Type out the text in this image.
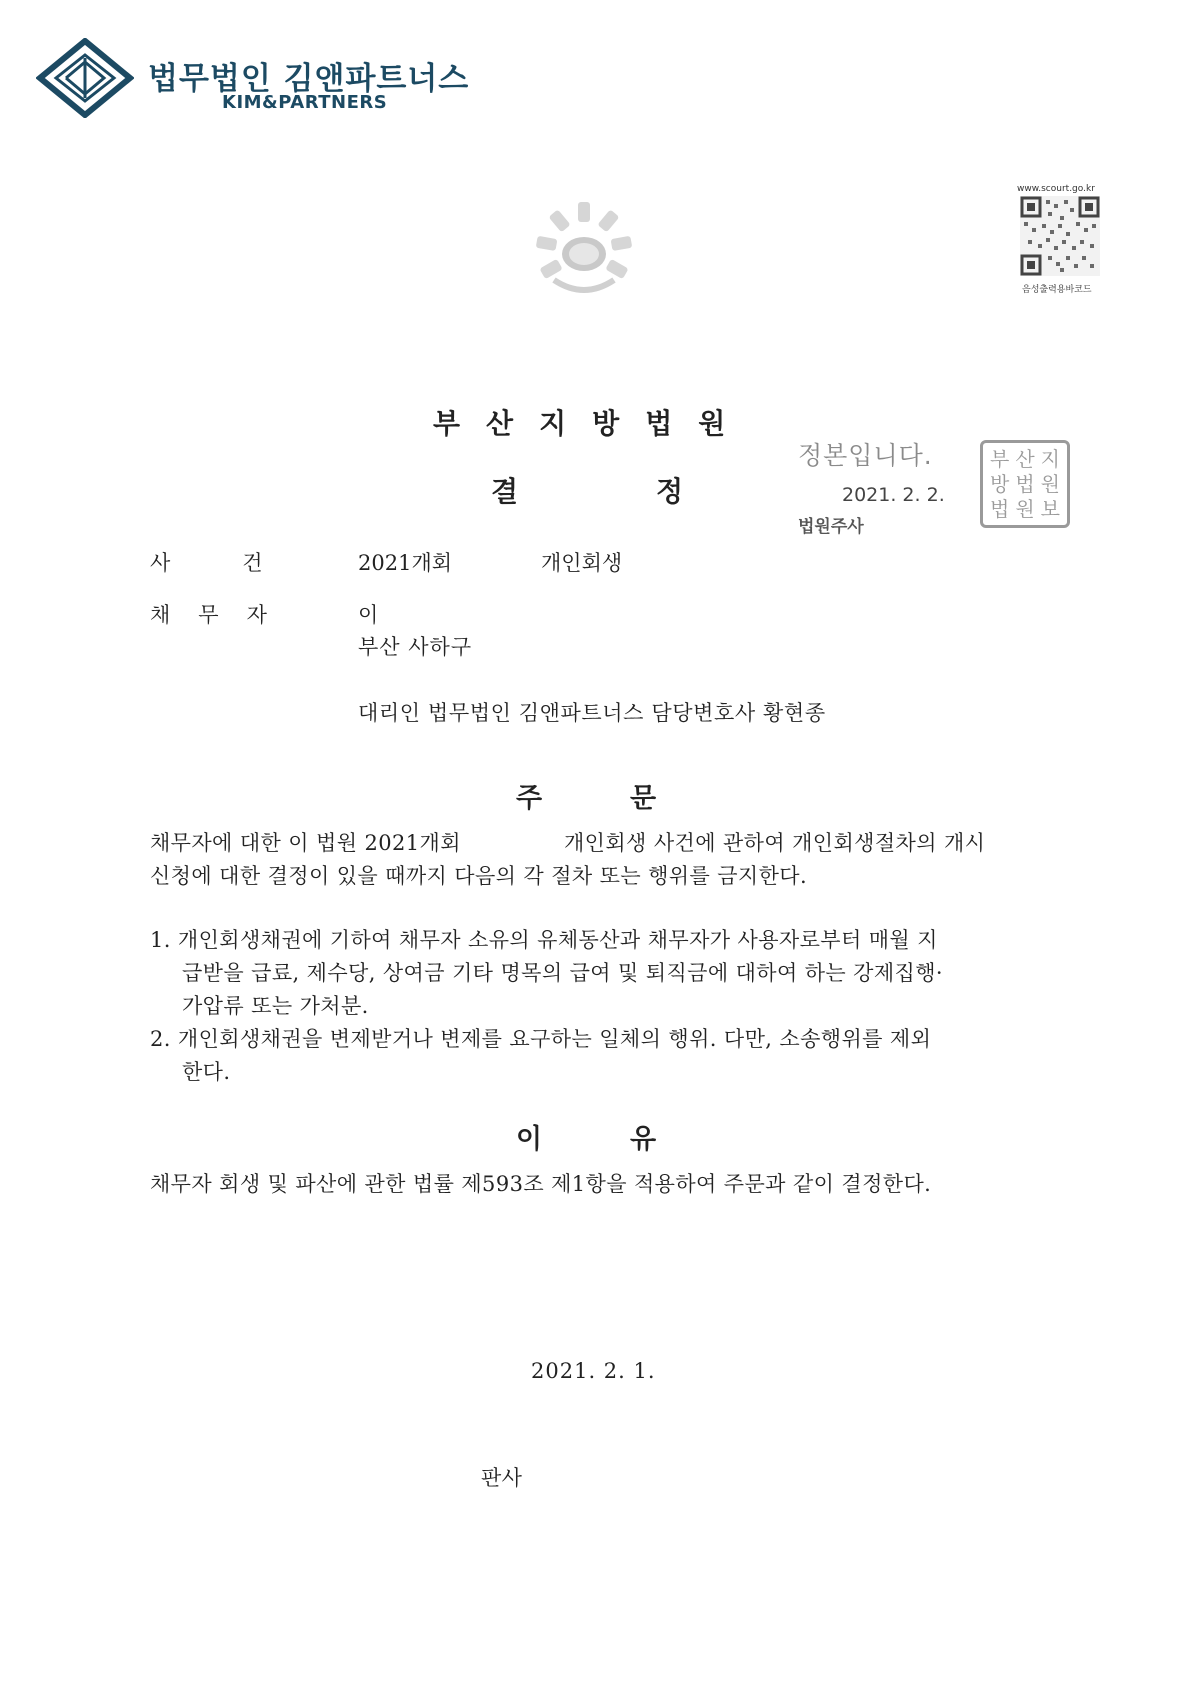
법무법인 김앤파트너스
KIM&PARTNERS
www.scourt.go.kr
음성출력용바코드
부산지방법원
결	정
정본입니다.
2021. 2. 2.
법원주사
부 산 지
방 법 원
법 원 보
사건 2021개회	개인회생
채무자	이
부산 사하구
대리인 법무법인 김앤파트너스 담당변호사 황현종
주	문
채무자에 대한 이 법원 2021개회	개인회생 사건에 관하여 개인회생절차의 개시
신청에 대한 결정이 있을 때까지 다음의 각 절차 또는 행위를 금지한다.
1. 개인회생채권에 기하여 채무자 소유의 유체동산과 채무자가 사용자로부터 매월 지
급받을 급료, 제수당, 상여금 기타 명목의 급여 및 퇴직금에 대하여 하는 강제집행·
가압류 또는 가처분.
2. 개인회생채권을 변제받거나 변제를 요구하는 일체의 행위. 다만, 소송행위를 제외
한다.
이	유
채무자 회생 및 파산에 관한 법률 제593조 제1항을 적용하여 주문과 같이 결정한다.
2021. 2. 1.
판사
